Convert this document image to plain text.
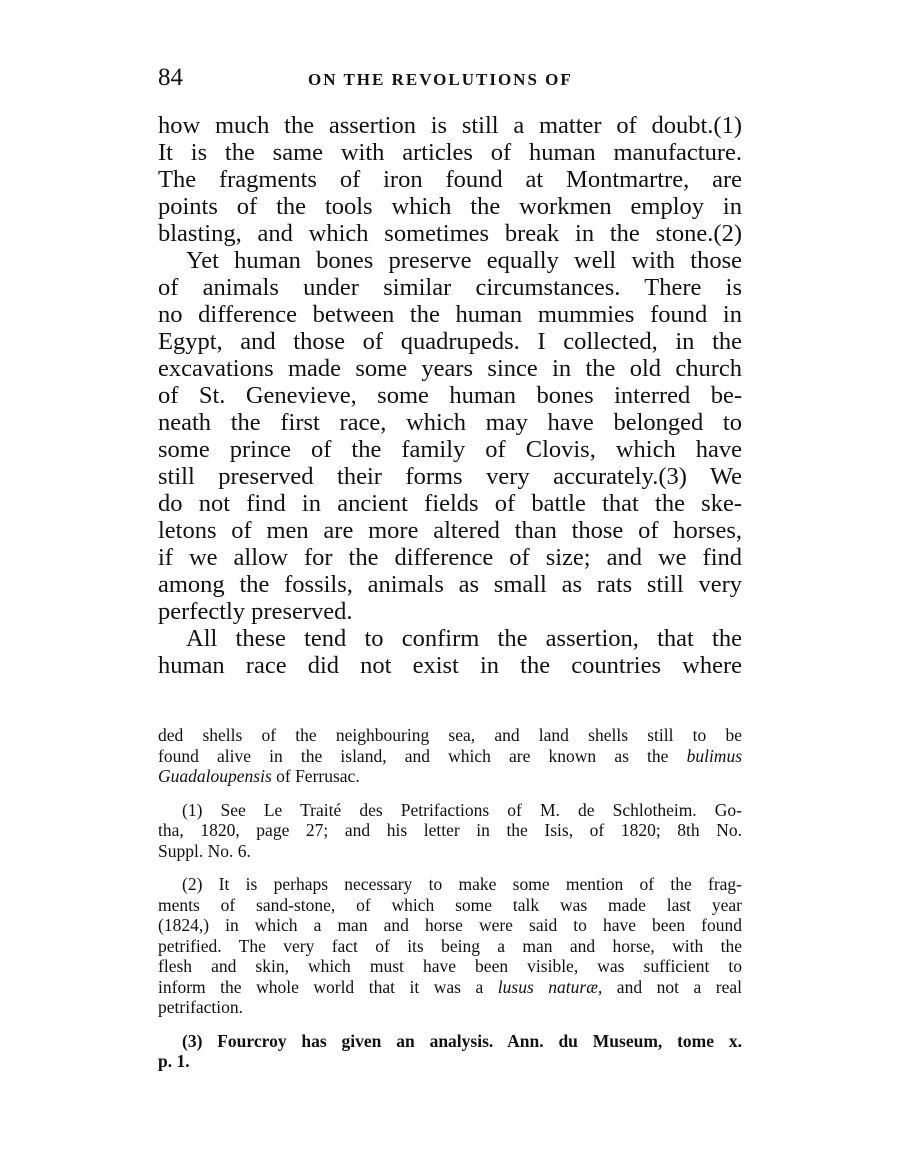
84	ON THE REVOLUTIONS OF
how much the assertion is still a matter of doubt.(1)
It is the same with articles of human manufacture.
The fragments of iron found at Montmartre, are
points of the tools which the workmen employ in
blasting, and which sometimes break in the stone.(2)
Yet human bones preserve equally well with those
of animals under similar circumstances. There is
no difference between the human mummies found in
Egypt, and those of quadrupeds. I collected, in the
excavations made some years since in the old church
of St. Genevieve, some human bones interred be-
neath the first race, which may have belonged to
some prince of the family of Clovis, which have
still preserved their forms very accurately.(3) We
do not find in ancient fields of battle that the ske-
letons of men are more altered than those of horses,
if we allow for the difference of size; and we find
among the fossils, animals as small as rats still very
perfectly preserved.
All these tend to confirm the assertion, that the
human race did not exist in the countries where
ded shells of the neighbouring sea, and land shells still to be
found alive in the island, and which are known as the bulimus
Guadaloupensis of Ferrusac.
(1) See Le Traité des Petrifactions of M. de Schlotheim. Go-
tha, 1820, page 27; and his letter in the Isis, of 1820; 8th No.
Suppl. No. 6.
(2) It is perhaps necessary to make some mention of the frag-
ments of sand-stone, of which some talk was made last year
(1824,) in which a man and horse were said to have been found
petrified. The very fact of its being a man and horse, with the
flesh and skin, which must have been visible, was sufficient to
inform the whole world that it was a lusus naturæ, and not a real
petrifaction.
(3) Fourcroy has given an analysis. Ann. du Museum, tome x.
p. 1.
